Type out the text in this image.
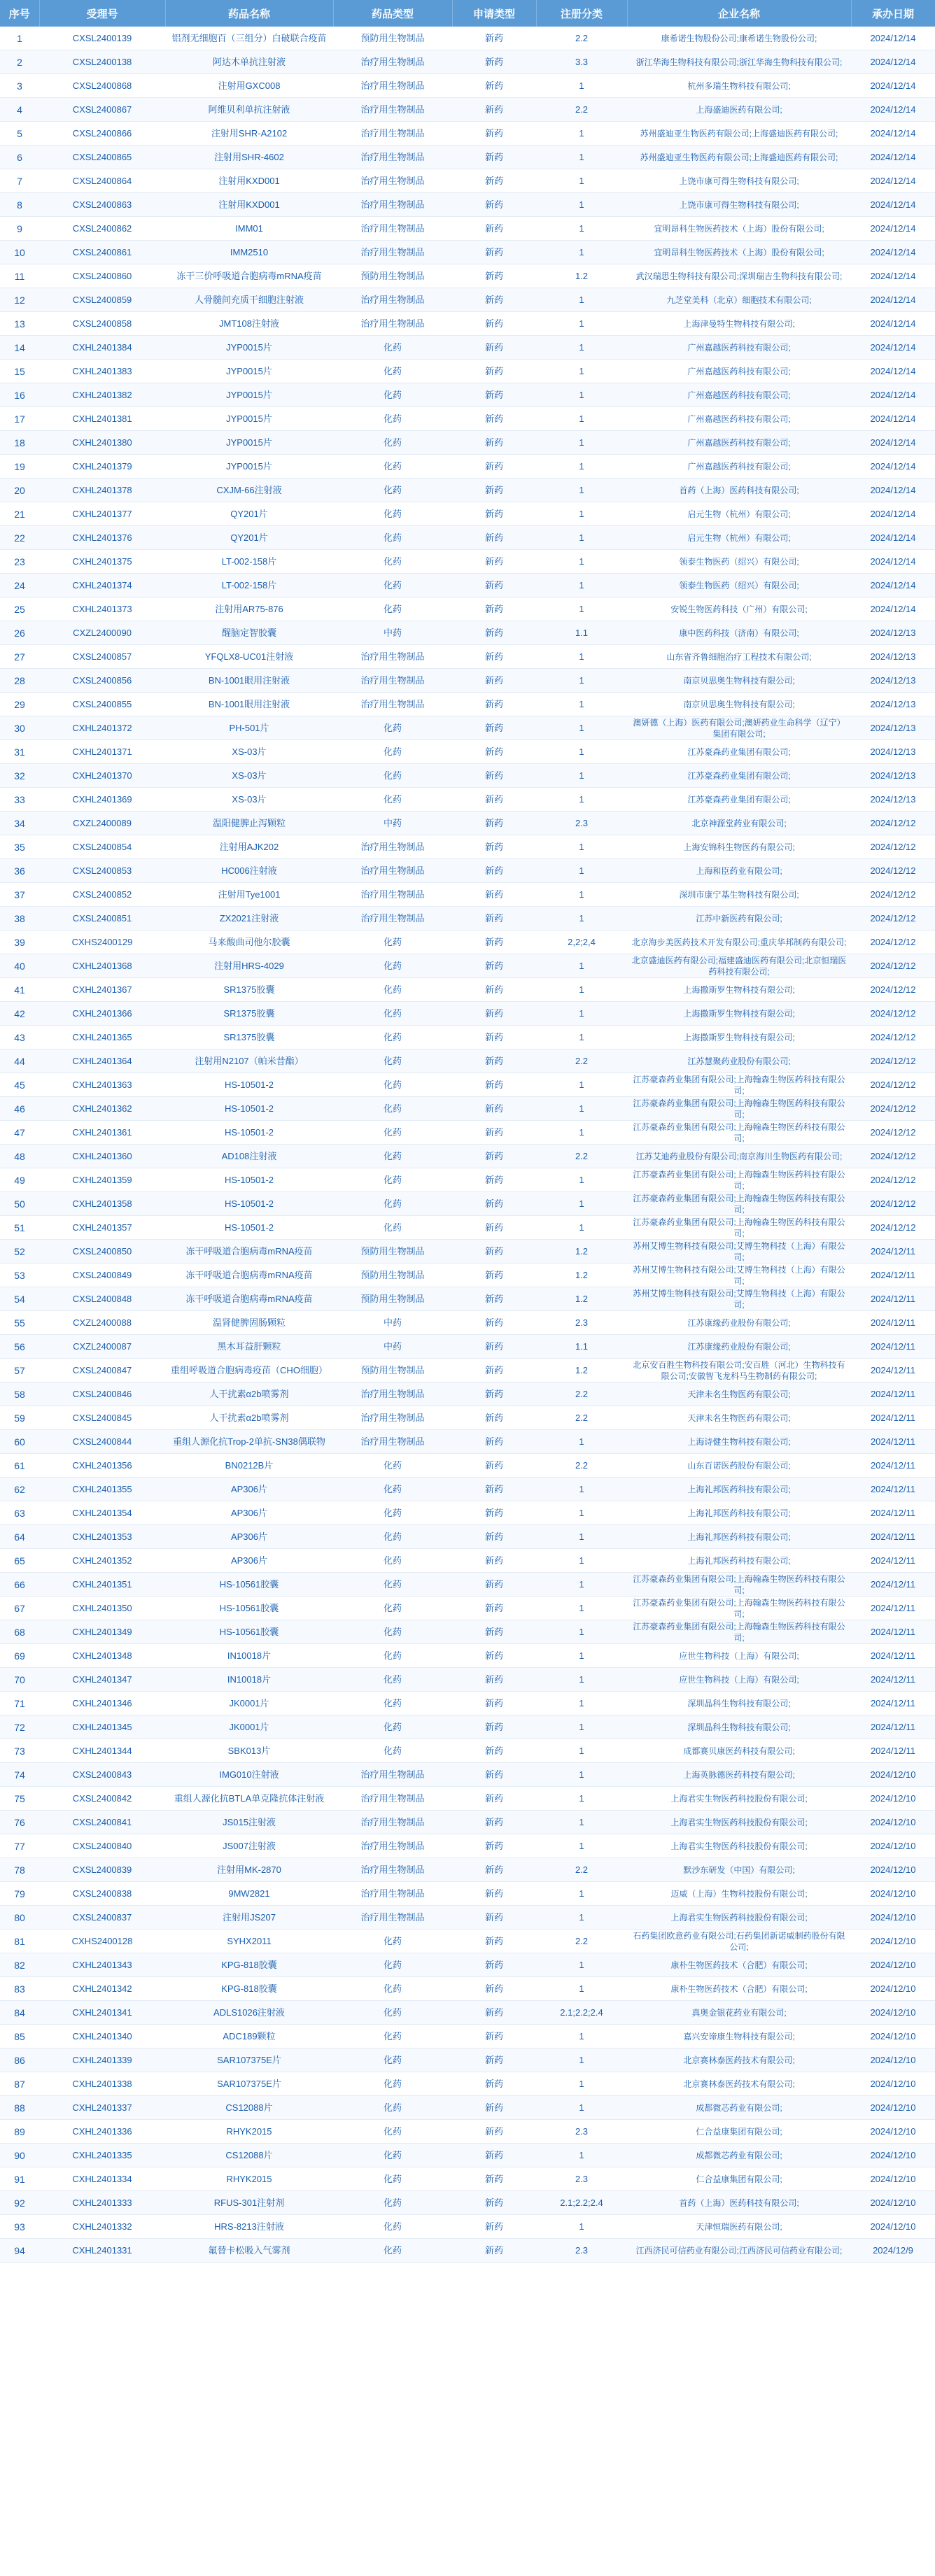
序号	受理号	药品名称	药品类型	申请类型	注册分类	企业名称	承办日期
1	CXSL2400139	铝剂无细胞百（三组分）白破联合疫苗	预防用生物制品	新药	2.2	康希诺生物股份公司;康希诺生物股份公司;	2024/12/14
2	CXSL2400138	阿达木单抗注射液	治疗用生物制品	新药	3.3	浙江华海生物科技有限公司;浙江华海生物科技有限公司;	2024/12/14
3	CXSL2400868	注射用GXC008	治疗用生物制品	新药	1	杭州多瑞生物科技有限公司;	2024/12/14
4	CXSL2400867	阿维贝利单抗注射液	治疗用生物制品	新药	2.2	上海盛迪医药有限公司;	2024/12/14
5	CXSL2400866	注射用SHR-A2102	治疗用生物制品	新药	1	苏州盛迪亚生物医药有限公司;上海盛迪医药有限公司;	2024/12/14
6	CXSL2400865	注射用SHR-4602	治疗用生物制品	新药	1	苏州盛迪亚生物医药有限公司;上海盛迪医药有限公司;	2024/12/14
7	CXSL2400864	注射用KXD001	治疗用生物制品	新药	1	上饶市康可得生物科技有限公司;	2024/12/14
8	CXSL2400863	注射用KXD001	治疗用生物制品	新药	1	上饶市康可得生物科技有限公司;	2024/12/14
9	CXSL2400862	IMM01	治疗用生物制品	新药	1	宜明昂科生物医药技术（上海）股份有限公司;	2024/12/14
10	CXSL2400861	IMM2510	治疗用生物制品	新药	1	宜明昂科生物医药技术（上海）股份有限公司;	2024/12/14
11	CXSL2400860	冻干三价呼吸道合胞病毒mRNA疫苗	预防用生物制品	新药	1.2	武汉瑞思生物科技有限公司;深圳瑞吉生物科技有限公司;	2024/12/14
12	CXSL2400859	人骨髓间充质干细胞注射液	治疗用生物制品	新药	1	九芝堂美科（北京）细胞技术有限公司;	2024/12/14
13	CXSL2400858	JMT108注射液	治疗用生物制品	新药	1	上海津曼特生物科技有限公司;	2024/12/14
14	CXHL2401384	JYP0015片	化药	新药	1	广州嘉越医药科技有限公司;	2024/12/14
15	CXHL2401383	JYP0015片	化药	新药	1	广州嘉越医药科技有限公司;	2024/12/14
16	CXHL2401382	JYP0015片	化药	新药	1	广州嘉越医药科技有限公司;	2024/12/14
17	CXHL2401381	JYP0015片	化药	新药	1	广州嘉越医药科技有限公司;	2024/12/14
18	CXHL2401380	JYP0015片	化药	新药	1	广州嘉越医药科技有限公司;	2024/12/14
19	CXHL2401379	JYP0015片	化药	新药	1	广州嘉越医药科技有限公司;	2024/12/14
20	CXHL2401378	CXJM-66注射液	化药	新药	1	首药（上海）医药科技有限公司;	2024/12/14
21	CXHL2401377	QY201片	化药	新药	1	启元生物（杭州）有限公司;	2024/12/14
22	CXHL2401376	QY201片	化药	新药	1	启元生物（杭州）有限公司;	2024/12/14
23	CXHL2401375	LT-002-158片	化药	新药	1	领泰生物医药（绍兴）有限公司;	2024/12/14
24	CXHL2401374	LT-002-158片	化药	新药	1	领泰生物医药（绍兴）有限公司;	2024/12/14
25	CXHL2401373	注射用AR75-876	化药	新药	1	安锐生物医药科技（广州）有限公司;	2024/12/14
26	CXZL2400090	醒脑定智胶囊	中药	新药	1.1	康中医药科技（济南）有限公司;	2024/12/13
27	CXSL2400857	YFQLX8-UC01注射液	治疗用生物制品	新药	1	山东省齐鲁细胞治疗工程技术有限公司;	2024/12/13
28	CXSL2400856	BN-1001眼用注射液	治疗用生物制品	新药	1	南京贝思奥生物科技有限公司;	2024/12/13
29	CXSL2400855	BN-1001眼用注射液	治疗用生物制品	新药	1	南京贝思奥生物科技有限公司;	2024/12/13
30	CXHL2401372	PH-501片	化药	新药	1	澳妍德（上海）医药有限公司;澳妍药业生命科学（辽宁）集团有限公司;	2024/12/13
31	CXHL2401371	XS-03片	化药	新药	1	江苏豪森药业集团有限公司;	2024/12/13
32	CXHL2401370	XS-03片	化药	新药	1	江苏豪森药业集团有限公司;	2024/12/13
33	CXHL2401369	XS-03片	化药	新药	1	江苏豪森药业集团有限公司;	2024/12/13
34	CXZL2400089	温阳健脾止泻颗粒	中药	新药	2.3	北京神源堂药业有限公司;	2024/12/12
35	CXSL2400854	注射用AJK202	治疗用生物制品	新药	1	上海安锦科生物医药有限公司;	2024/12/12
36	CXSL2400853	HC006注射液	治疗用生物制品	新药	1	上海和臣药业有限公司;	2024/12/12
37	CXSL2400852	注射用Tye1001	治疗用生物制品	新药	1	深圳市康宁基生物科技有限公司;	2024/12/12
38	CXSL2400851	ZX2021注射液	治疗用生物制品	新药	1	江苏中新医药有限公司;	2024/12/12
39	CXHS2400129	马来酸曲司他尔胶囊	化药	新药	2,2;2,4	北京海步美医药技术开发有限公司;重庆华邦制药有限公司;	2024/12/12
40	CXHL2401368	注射用HRS-4029	化药	新药	1	北京盛迪医药有限公司;福建盛迪医药有限公司;北京恒瑞医药科技有限公司;	2024/12/12
41	CXHL2401367	SR1375胶囊	化药	新药	1	上海撒斯罗生物科技有限公司;	2024/12/12
42	CXHL2401366	SR1375胶囊	化药	新药	1	上海撒斯罗生物科技有限公司;	2024/12/12
43	CXHL2401365	SR1375胶囊	化药	新药	1	上海撒斯罗生物科技有限公司;	2024/12/12
44	CXHL2401364	注射用N2107（帕米昔酯）	化药	新药	2.2	江苏慧聚药业股份有限公司;	2024/12/12
45	CXHL2401363	HS-10501-2	化药	新药	1	江苏豪森药业集团有限公司;上海翰森生物医药科技有限公司;	2024/12/12
46	CXHL2401362	HS-10501-2	化药	新药	1	江苏豪森药业集团有限公司;上海翰森生物医药科技有限公司;	2024/12/12
47	CXHL2401361	HS-10501-2	化药	新药	1	江苏豪森药业集团有限公司;上海翰森生物医药科技有限公司;	2024/12/12
48	CXHL2401360	AD108注射液	化药	新药	2.2	江苏艾迪药业股份有限公司;南京海川生物医药有限公司;	2024/12/12
49	CXHL2401359	HS-10501-2	化药	新药	1	江苏豪森药业集团有限公司;上海翰森生物医药科技有限公司;	2024/12/12
50	CXHL2401358	HS-10501-2	化药	新药	1	江苏豪森药业集团有限公司;上海翰森生物医药科技有限公司;	2024/12/12
51	CXHL2401357	HS-10501-2	化药	新药	1	江苏豪森药业集团有限公司;上海翰森生物医药科技有限公司;	2024/12/12
52	CXSL2400850	冻干呼吸道合胞病毒mRNA疫苗	预防用生物制品	新药	1.2	苏州艾博生物科技有限公司;艾博生物科技（上海）有限公司;	2024/12/11
53	CXSL2400849	冻干呼吸道合胞病毒mRNA疫苗	预防用生物制品	新药	1.2	苏州艾博生物科技有限公司;艾博生物科技（上海）有限公司;	2024/12/11
54	CXSL2400848	冻干呼吸道合胞病毒mRNA疫苗	预防用生物制品	新药	1.2	苏州艾博生物科技有限公司;艾博生物科技（上海）有限公司;	2024/12/11
55	CXZL2400088	温肾健脾固肠颗粒	中药	新药	2.3	江苏康缘药业股份有限公司;	2024/12/11
56	CXZL2400087	黑木耳益肝颗粒	中药	新药	1.1	江苏康缘药业股份有限公司;	2024/12/11
57	CXSL2400847	重组呼吸道合胞病毒疫苗（CHO细胞）	预防用生物制品	新药	1.2	北京安百胜生物科技有限公司;安百胜（河北）生物科技有限公司;安徽智飞龙科马生物制药有限公司;	2024/12/11
58	CXSL2400846	人干扰素α2b喷雾剂	治疗用生物制品	新药	2.2	天津未名生物医药有限公司;	2024/12/11
59	CXSL2400845	人干扰素α2b喷雾剂	治疗用生物制品	新药	2.2	天津未名生物医药有限公司;	2024/12/11
60	CXSL2400844	重组人源化抗Trop-2单抗-SN38偶联物	治疗用生物制品	新药	1	上海诗健生物科技有限公司;	2024/12/11
61	CXHL2401356	BN0212B片	化药	新药	2.2	山东百诺医药股份有限公司;	2024/12/11
62	CXHL2401355	AP306片	化药	新药	1	上海礼邦医药科技有限公司;	2024/12/11
63	CXHL2401354	AP306片	化药	新药	1	上海礼邦医药科技有限公司;	2024/12/11
64	CXHL2401353	AP306片	化药	新药	1	上海礼邦医药科技有限公司;	2024/12/11
65	CXHL2401352	AP306片	化药	新药	1	上海礼邦医药科技有限公司;	2024/12/11
66	CXHL2401351	HS-10561胶囊	化药	新药	1	江苏豪森药业集团有限公司;上海翰森生物医药科技有限公司;	2024/12/11
67	CXHL2401350	HS-10561胶囊	化药	新药	1	江苏豪森药业集团有限公司;上海翰森生物医药科技有限公司;	2024/12/11
68	CXHL2401349	HS-10561胶囊	化药	新药	1	江苏豪森药业集团有限公司;上海翰森生物医药科技有限公司;	2024/12/11
69	CXHL2401348	IN10018片	化药	新药	1	应世生物科技（上海）有限公司;	2024/12/11
70	CXHL2401347	IN10018片	化药	新药	1	应世生物科技（上海）有限公司;	2024/12/11
71	CXHL2401346	JK0001片	化药	新药	1	深圳晶科生物科技有限公司;	2024/12/11
72	CXHL2401345	JK0001片	化药	新药	1	深圳晶科生物科技有限公司;	2024/12/11
73	CXHL2401344	SBK013片	化药	新药	1	成都赛贝康医药科技有限公司;	2024/12/11
74	CXSL2400843	IMG010注射液	治疗用生物制品	新药	1	上海英脉德医药科技有限公司;	2024/12/10
75	CXSL2400842	重组人源化抗BTLA单克隆抗体注射液	治疗用生物制品	新药	1	上海君实生物医药科技股份有限公司;	2024/12/10
76	CXSL2400841	JS015注射液	治疗用生物制品	新药	1	上海君实生物医药科技股份有限公司;	2024/12/10
77	CXSL2400840	JS007注射液	治疗用生物制品	新药	1	上海君实生物医药科技股份有限公司;	2024/12/10
78	CXSL2400839	注射用MK-2870	治疗用生物制品	新药	2.2	默沙东研发（中国）有限公司;	2024/12/10
79	CXSL2400838	9MW2821	治疗用生物制品	新药	1	迈威（上海）生物科技股份有限公司;	2024/12/10
80	CXSL2400837	注射用JS207	治疗用生物制品	新药	1	上海君实生物医药科技股份有限公司;	2024/12/10
81	CXHS2400128	SYHX2011	化药	新药	2.2	石药集团欧意药业有限公司;石药集团新诺威制药股份有限公司;	2024/12/10
82	CXHL2401343	KPG-818胶囊	化药	新药	1	康朴生物医药技术（合肥）有限公司;	2024/12/10
83	CXHL2401342	KPG-818胶囊	化药	新药	1	康朴生物医药技术（合肥）有限公司;	2024/12/10
84	CXHL2401341	ADLS1026注射液	化药	新药	2.1;2.2;2.4	真奥金银花药业有限公司;	2024/12/10
85	CXHL2401340	ADC189颗粒	化药	新药	1	嘉兴安谛康生物科技有限公司;	2024/12/10
86	CXHL2401339	SAR107375E片	化药	新药	1	北京赛林泰医药技术有限公司;	2024/12/10
87	CXHL2401338	SAR107375E片	化药	新药	1	北京赛林泰医药技术有限公司;	2024/12/10
88	CXHL2401337	CS12088片	化药	新药	1	成都微芯药业有限公司;	2024/12/10
89	CXHL2401336	RHYK2015	化药	新药	2.3	仁合益康集团有限公司;	2024/12/10
90	CXHL2401335	CS12088片	化药	新药	1	成都微芯药业有限公司;	2024/12/10
91	CXHL2401334	RHYK2015	化药	新药	2.3	仁合益康集团有限公司;	2024/12/10
92	CXHL2401333	RFUS-301注射剂	化药	新药	2.1;2.2;2.4	首药（上海）医药科技有限公司;	2024/12/10
93	CXHL2401332	HRS-8213注射液	化药	新药	1	天津恒瑞医药有限公司;	2024/12/10
94	CXHL2401331	氟替卡松吸入气雾剂	化药	新药	2.3	江西济民可信药业有限公司;江西济民可信药业有限公司;	2024/12/9
